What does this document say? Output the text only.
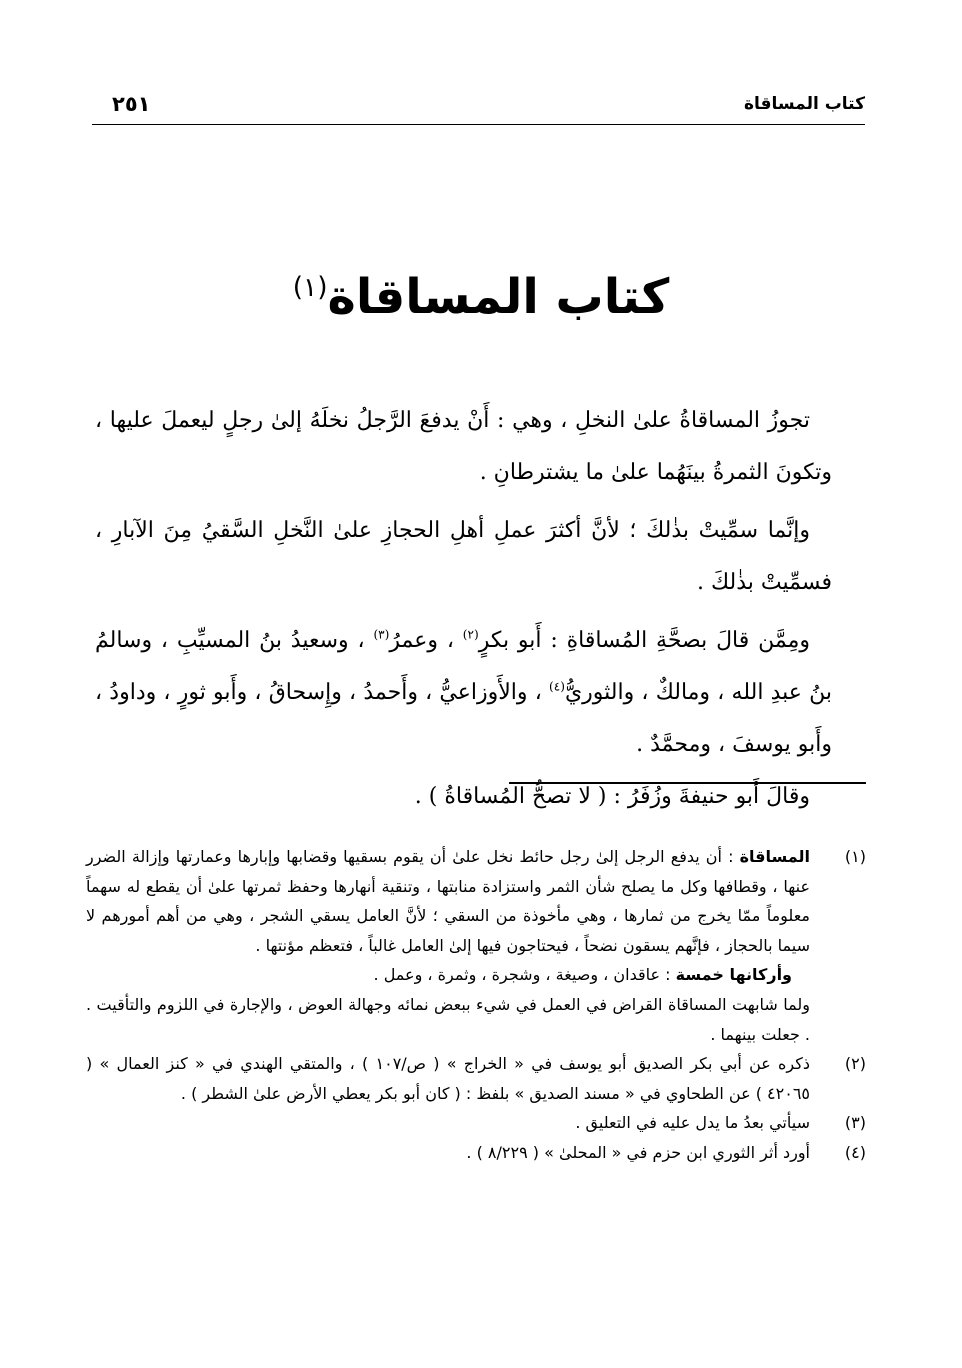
كتاب المساقاة
٢٥١
كتاب المساقاة$^{(١)}$

تجوزُ المساقاةُ علىٰ النخلِ ، وهي : أَنْ يدفعَ الرَّجلُ نخلَهُ إلىٰ رجلٍ ليعملَ عليها ، وتكونَ الثمرةُ بينَهُما علىٰ ما يشترطانِ .

وإنَّما سمِّيتْ بذٰلكَ ؛ لأنَّ أكثرَ عملِ أهلِ الحجازِ علىٰ النَّخلِ السَّقيُ مِنَ الآبارِ ، فسمِّيتْ بذٰلكَ .

ومِمَّن قالَ بصحَّةِ المُساقاةِ : أَبو بكرٍ$^{(٢)}$ ، وعمرُ$^{(٣)}$ ، وسعيدُ بنُ المسيِّبِ ، وسالمُ بنُ عبدِ الله ، ومالكٌ ، والثوريُّ$^{(٤)}$ ، والأَوزاعيُّ ، وأَحمدُ ، وإِسحاقُ ، وأَبو ثورٍ ، وداودُ ، وأَبو يوسفَ ، ومحمَّدٌ .

وقالَ أَبو حنيفةَ وزُفَرُ : ( لا تصحُّ المُساقاةُ ) .

(١)
المساقاة : أن يدفع الرجل إلىٰ رجل حائط نخل علىٰ أن يقوم بسقيها وقضابها وإبارها وعمارتها وإزالة الضرر عنها ، وقطافها وكل ما يصلح شأن الثمر واستزادة منابتها ، وتنقية أنهارها وحفظ ثمرتها علىٰ أن يقطع له سهماً معلوماً ممّا يخرج من ثمارها ، وهي مأخوذة من السقي ؛ لأنَّ العامل يسقي الشجر ، وهي من أهم أمورهم لا سيما بالحجاز ، فإنَّهم يسقون نضحاً ، فيحتاجون فيها إلىٰ العامل غالباً ، فتعظم مؤنتها .
وأركانها خمسة : عاقدان ، وصيغة ، وشجرة ، وثمرة ، وعمل .

ولما شابهت المساقاة القراض في العمل في شيء ببعض نمائه وجهالة العوض ، والإجارة في اللزوم والتأقيت . . جعلت بينهما .

(٢)
ذكره عن أبي بكر الصديق أبو يوسف في « الخراج » ( ص/١٠٧ ) ، والمتقي الهندي في « كنز العمال » ( ٤٢٠٦٥ ) عن الطحاوي في « مسند الصديق » بلفظ : ( كان أبو بكر يعطي الأرض علىٰ الشطر ) .
(٣)
سيأتي بعدُ ما يدل عليه في التعليق .
(٤)
أورد أثر الثوري ابن حزم في « المحلىٰ » ( ٨/٢٢٩ ) .
